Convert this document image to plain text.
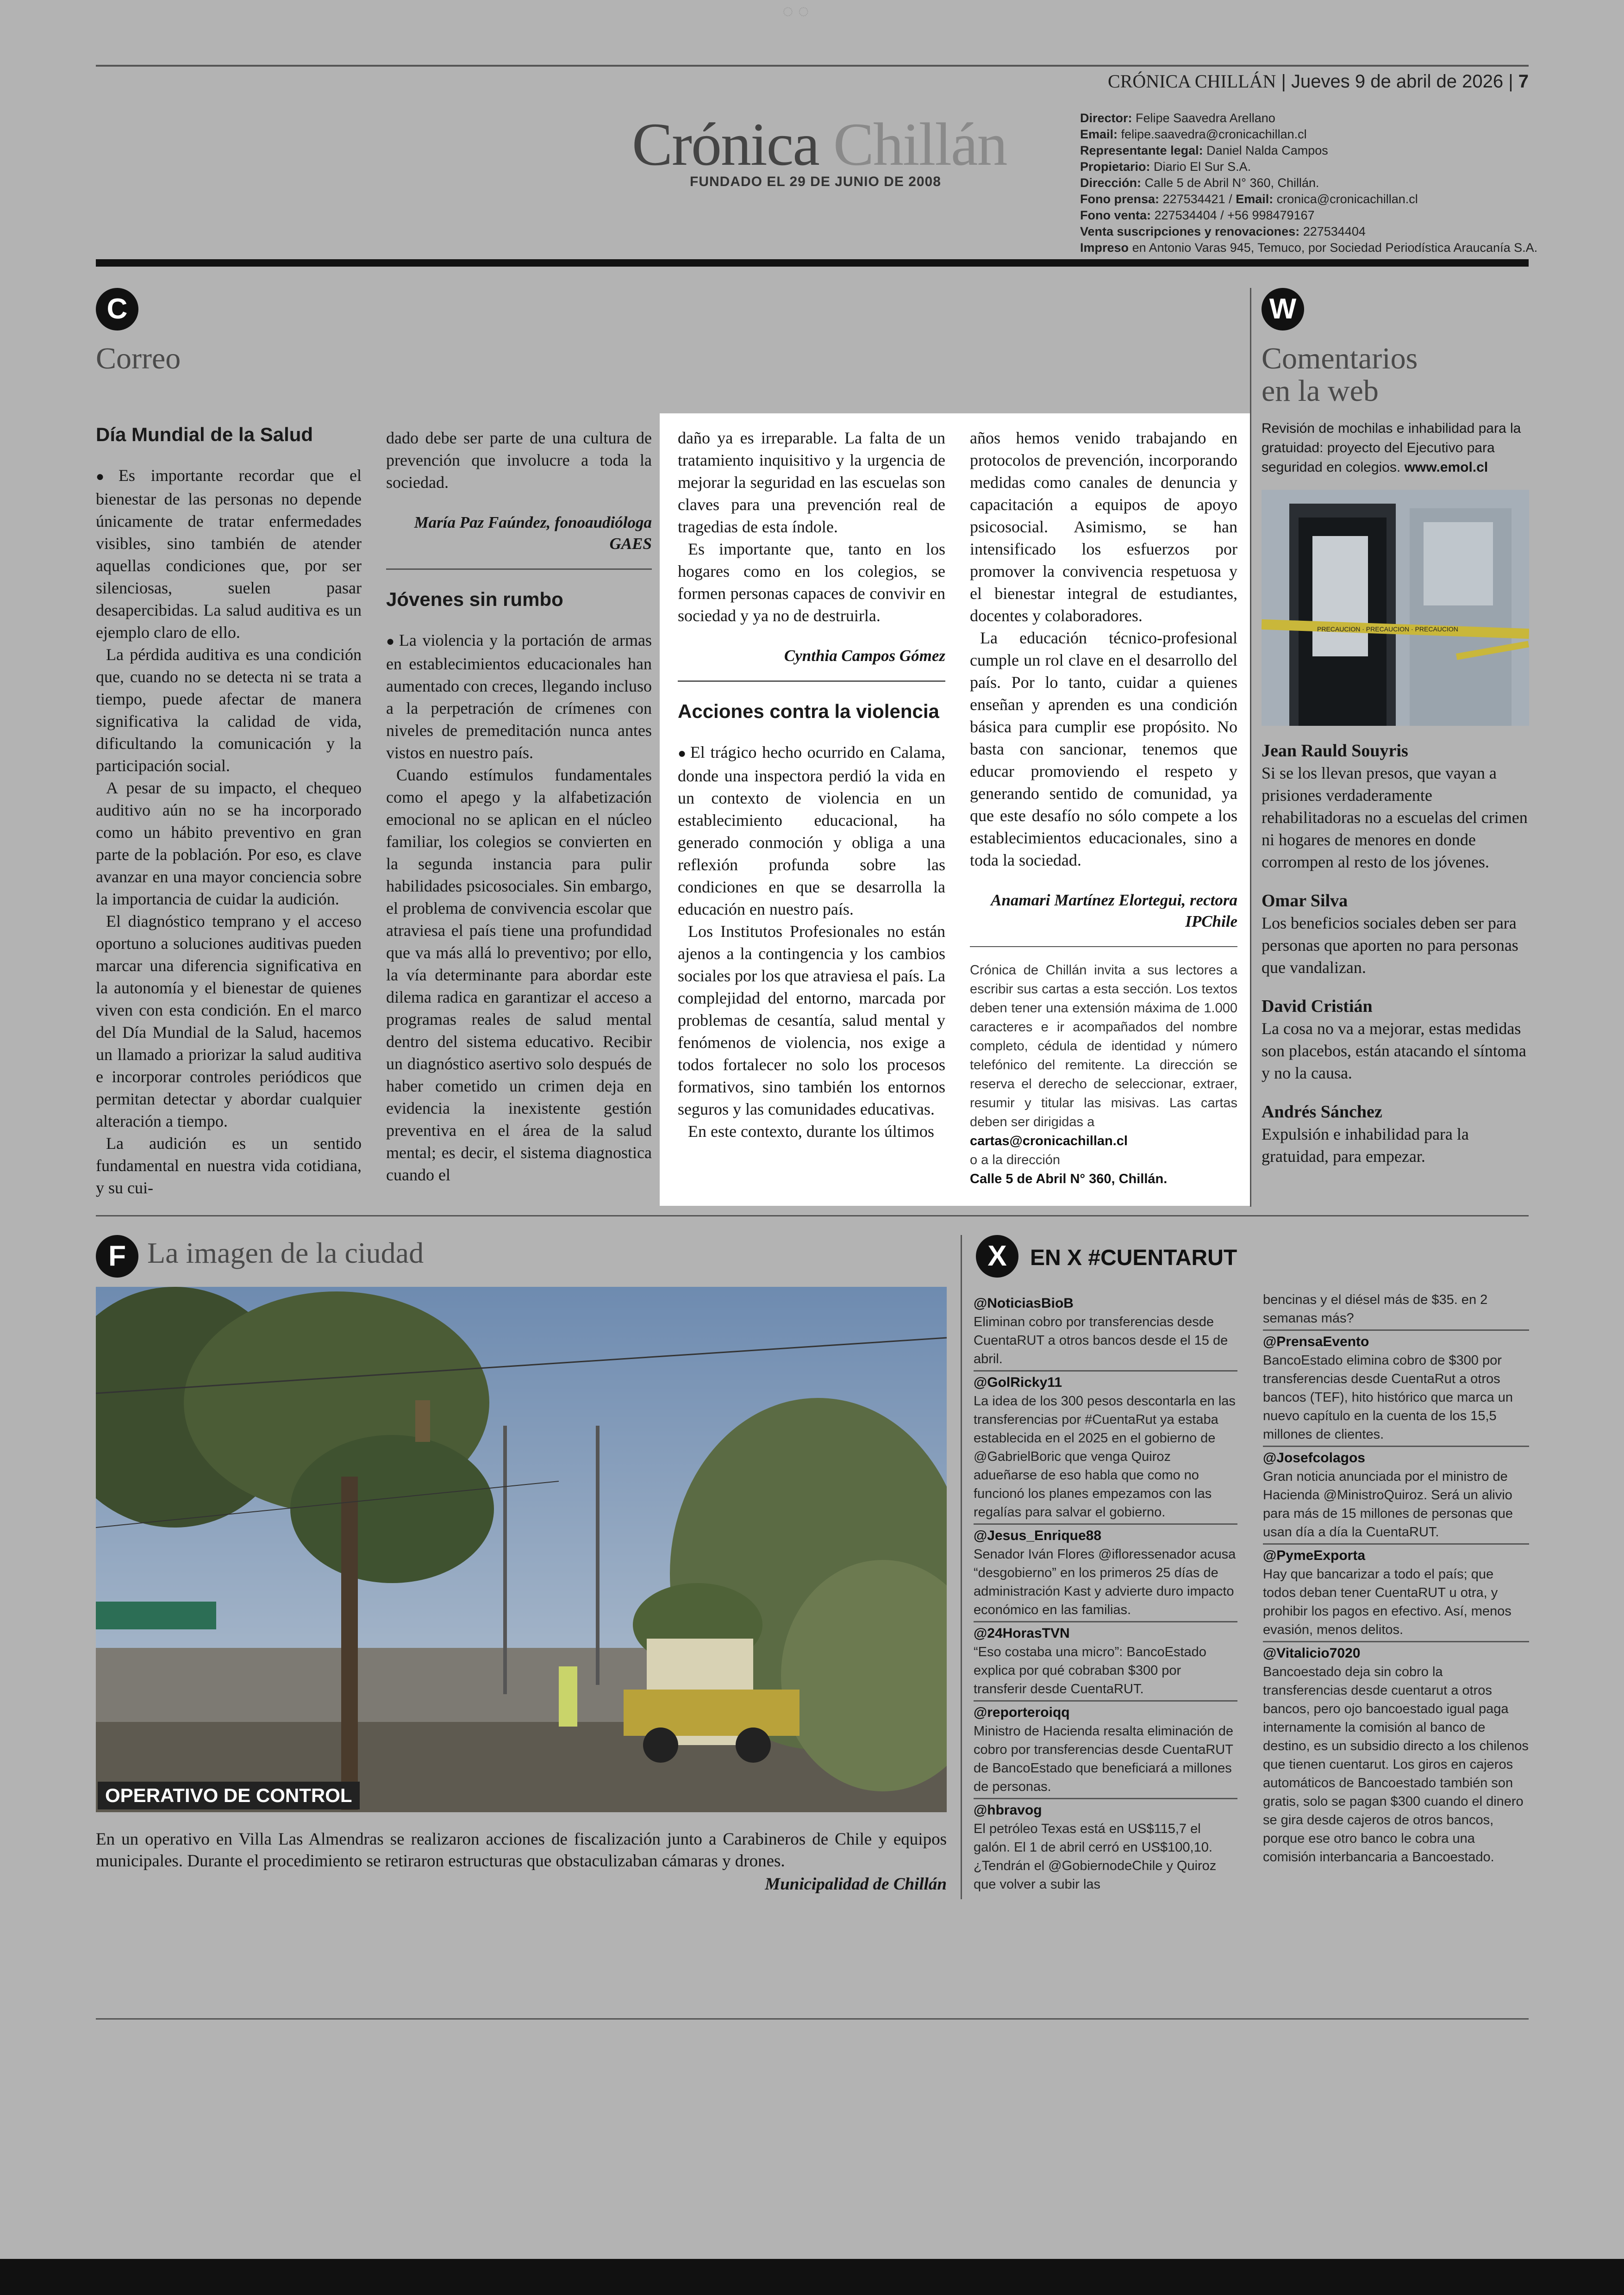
◌ ◌
CRÓNICA CHILLÁN | Jueves 9 de abril de 2026 | 7
Crónica Chillán
FUNDADO EL 29 DE JUNIO DE 2008
Director: Felipe Saavedra Arellano
Email: felipe.saavedra@cronicachillan.cl
Representante legal: Daniel Nalda Campos
Propietario: Diario El Sur S.A.
Dirección: Calle 5 de Abril N° 360, Chillán.
Fono prensa: 227534421 / Email: cronica@cronicachillan.cl
Fono venta: 227534404 / +56 998479167
Venta suscripciones y renovaciones: 227534404
Impreso en Antonio Varas 945, Temuco, por Sociedad Periodística Araucanía S.A.
C
Correo

Día Mundial de la Salud

● Es importante recordar que el bienestar de las personas no depende únicamente de tratar enfermedades visibles, sino también de atender aquellas condiciones que, por ser silenciosas, suelen pasar desapercibidas. La salud auditiva es un ejemplo claro de ello.

La pérdida auditiva es una condición que, cuando no se detecta ni se trata a tiempo, puede afectar de manera significativa la calidad de vida, dificultando la comunicación y la participación social.

A pesar de su impacto, el chequeo auditivo aún no se ha incorporado como un hábito preventivo en gran parte de la población. Por eso, es clave avanzar en una mayor conciencia sobre la importancia de cuidar la audición.

El diagnóstico temprano y el acceso oportuno a soluciones auditivas pueden marcar una diferencia significativa en la autonomía y el bienestar de quienes viven con esta condición. En el marco del Día Mundial de la Salud, hacemos un llamado a priorizar la salud auditiva e incorporar controles periódicos que permitan detectar y abordar cualquier alteración a tiempo.

La audición es un sentido fundamental en nuestra vida cotidiana, y su cui-

dado debe ser parte de una cultura de prevención que involucre a toda la sociedad.

María Paz Faúndez, fonoaudióloga GAES

Jóvenes sin rumbo

● La violencia y la portación de armas en establecimientos educacionales han aumentado con creces, llegando incluso a la perpetración de crímenes con niveles de premeditación nunca antes vistos en nuestro país.

Cuando estímulos fundamentales como el apego y la alfabetización emocional no se aplican en el núcleo familiar, los colegios se convierten en la segunda instancia para pulir habilidades psicosociales. Sin embargo, el problema de convivencia escolar que atraviesa el país tiene una profundidad que va más allá lo preventivo; por ello, la vía determinante para abordar este dilema radica en garantizar el acceso a programas reales de salud mental dentro del sistema educativo. Recibir un diagnóstico asertivo solo después de haber cometido un crimen deja en evidencia la inexistente gestión preventiva en el área de la salud mental; es decir, el sistema diagnostica cuando el

daño ya es irreparable. La falta de un tratamiento inquisitivo y la urgencia de mejorar la seguridad en las escuelas son claves para una prevención real de tragedias de esta índole.

Es importante que, tanto en los hogares como en los colegios, se formen personas capaces de convivir en sociedad y ya no de destruirla.

Cynthia Campos Gómez

Acciones contra la violencia

● El trágico hecho ocurrido en Calama, donde una inspectora perdió la vida en un contexto de violencia en un establecimiento educacional, ha generado conmoción y obliga a una reflexión profunda sobre las condiciones en que se desarrolla la educación en nuestro país.

Los Institutos Profesionales no están ajenos a la contingencia y los cambios sociales por los que atraviesa el país. La complejidad del entorno, marcada por problemas de cesantía, salud mental y fenómenos de violencia, nos exige a todos fortalecer no solo los procesos formativos, sino también los entornos seguros y las comunidades educativas.

En este contexto, durante los últimos

años hemos venido trabajando en protocolos de prevención, incorporando medidas como canales de denuncia y capacitación a equipos de apoyo psicosocial. Asimismo, se han intensificado los esfuerzos por promover la convivencia respetuosa y el bienestar integral de estudiantes, docentes y colaboradores.

La educación técnico-profesional cumple un rol clave en el desarrollo del país. Por lo tanto, cuidar a quienes enseñan y aprenden es una condición básica para cumplir ese propósito. No basta con sancionar, tenemos que educar promoviendo el respeto y generando sentido de comunidad, ya que este desafío no sólo compete a los establecimientos educacionales, sino a toda la sociedad.

Anamari Martínez Elortegui, rectora IPChile

Crónica de Chillán invita a sus lectores a escribir sus cartas a esta sección. Los textos deben tener una extensión máxima de 1.000 caracteres e ir acompañados del nombre completo, cédula de identidad y número telefónico del remitente. La dirección se reserva el derecho de seleccionar, extraer, resumir y titular las misivas. Las cartas deben ser dirigidas a
cartas@cronicachillan.cl
o a la dirección
Calle 5 de Abril N° 360, Chillán.
W
Comentarios
en la web
Revisión de mochilas e inhabilidad para la gratuidad: proyecto del Ejecutivo para seguridad en colegios. www.emol.cl
PRECAUCION · PRECAUCION · PRECAUCION
Jean Rauld Souyris
Si se los llevan presos, que vayan a prisiones verdaderamente rehabilitadoras no a escuelas del crimen ni hogares de menores en donde corrompen al resto de los jóvenes.
Omar Silva
Los beneficios sociales deben ser para personas que aporten no para personas que vandalizan.
David Cristián
La cosa no va a mejorar, estas medidas son placebos, están atacando el síntoma y no la causa.
Andrés Sánchez
Expulsión e inhabilidad para la gratuidad, para empezar.
F La imagen de la ciudad
OPERATIVO DE CONTROL
En un operativo en Villa Las Almendras se realizaron acciones de fiscalización junto a Carabineros de Chile y equipos municipales. Durante el procedimiento se retiraron estructuras que obstaculizaban cámaras y drones.
Municipalidad de Chillán
X	EN X #CUENTARUT
@NoticiasBioB
Eliminan cobro por transferencias desde CuentaRUT a otros bancos desde el 15 de abril.
@GolRicky11
La idea de los 300 pesos descontarla en las transferencias por #CuentaRut ya estaba establecida en el 2025 en el gobierno de @GabrielBoric que venga Quiroz adueñarse de eso habla que como no funcionó los planes empezamos con las regalías para salvar el gobierno.
@Jesus_Enrique88
Senador Iván Flores @ifloressenador acusa “desgobierno” en los primeros 25 días de administración Kast y advierte duro impacto económico en las familias.
@24HorasTVN
“Eso costaba una micro”: BancoEstado explica por qué cobraban $300 por transferir desde CuentaRUT.
@reporteroiqq
Ministro de Hacienda resalta eliminación de cobro por transferencias desde CuentaRUT de BancoEstado que beneficiará a millones de personas.
@hbravog
El petróleo Texas está en US$115,7 el galón. El 1 de abril cerró en US$100,10. ¿Tendrán el @GobiernodeChile y Quiroz que volver a subir las
bencinas y el diésel más de $35. en 2 semanas más?
@PrensaEvento
BancoEstado elimina cobro de $300 por transferencias desde CuentaRut a otros bancos (TEF), hito histórico que marca un nuevo capítulo en la cuenta de los 15,5 millones de clientes.
@Josefcolagos
Gran noticia anunciada por el ministro de Hacienda @MinistroQuiroz. Será un alivio para más de 15 millones de personas que usan día a día la CuentaRUT.
@PymeExporta
Hay que bancarizar a todo el país; que todos deban tener CuentaRUT u otra, y prohibir los pagos en efectivo. Así, menos evasión, menos delitos.
@Vitalicio7020
Bancoestado deja sin cobro la transferencias desde cuentarut a otros bancos, pero ojo bancoestado igual paga internamente la comisión al banco de destino, es un subsidio directo a los chilenos que tienen cuentarut. Los giros en cajeros automáticos de Bancoestado también son gratis, solo se pagan $300 cuando el dinero se gira desde cajeros de otros bancos, porque ese otro banco le cobra una comisión interbancaria a Bancoestado.
